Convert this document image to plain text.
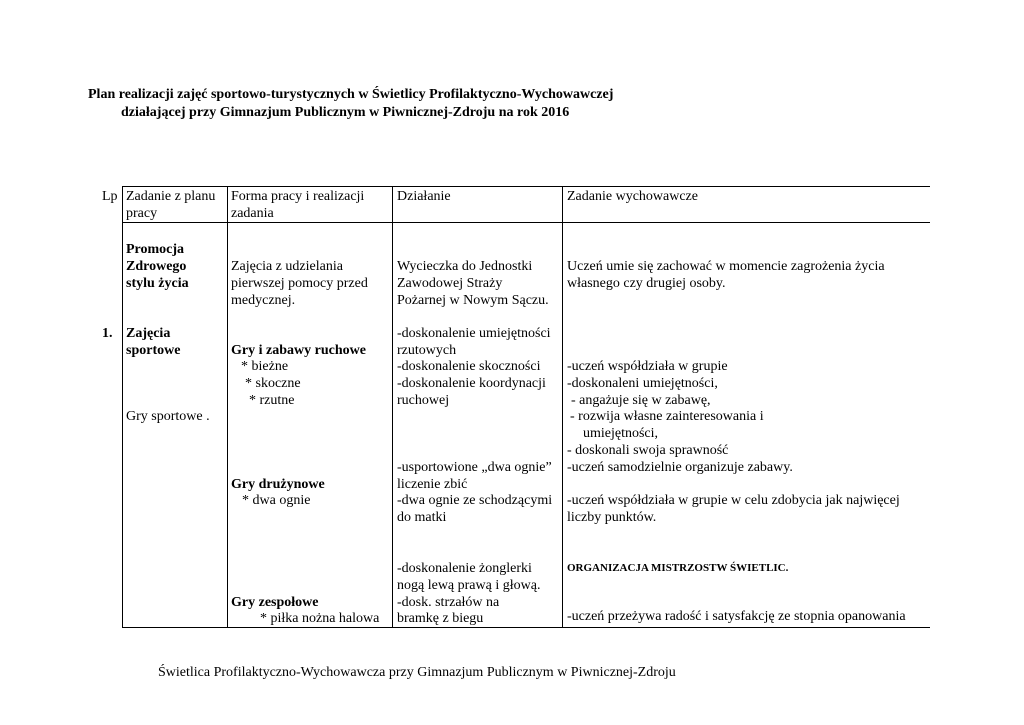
Plan realizacji zajęć sportowo-turystycznych w Świetlicy Profilaktyczno-Wychowawczej
działającej przy Gimnazjum Publicznym w Piwnicznej-Zdroju na rok 2016
Lp Zadanie z planu
pracy
Forma pracy i realizacji
zadania
Działanie	Zadanie wychowawcze
1.
Promocja
Zdrowego
stylu życia
Zajęcia
sportowe
Gry sportowe .
Zajęcia z udzielania
pierwszej pomocy przed
medycznej.
Gry i zabawy ruchowe
* bieżne
* skoczne
* rzutne
Gry drużynowe
* dwa ognie
Gry zespołowe
* piłka nożna halowa
Wycieczka do Jednostki
Zawodowej Straży
Pożarnej w Nowym Sączu.
-doskonalenie umiejętności
rzutowych
-doskonalenie skoczności
-doskonalenie koordynacji
ruchowej
-usportowione „dwa ognie”
liczenie zbić
-dwa ognie ze schodzącymi
do matki
-doskonalenie żonglerki
nogą lewą prawą i głową.
-dosk. strzałów na
bramkę z biegu
Uczeń umie się zachować w momencie zagrożenia życia
własnego czy drugiej osoby.
-uczeń współdziała w grupie
-doskonaleni umiejętności,
- angażuje się w zabawę,
- rozwija własne zainteresowania i
umiejętności,
- doskonali swoja sprawność
-uczeń samodzielnie organizuje zabawy.
-uczeń współdziała w grupie w celu zdobycia jak najwięcej
liczby punktów.
ORGANIZACJA MISTRZOSTW ŚWIETLIC.
-uczeń przeżywa radość i satysfakcję ze stopnia opanowania
Świetlica Profilaktyczno-Wychowawcza przy Gimnazjum Publicznym w Piwnicznej-Zdroju
